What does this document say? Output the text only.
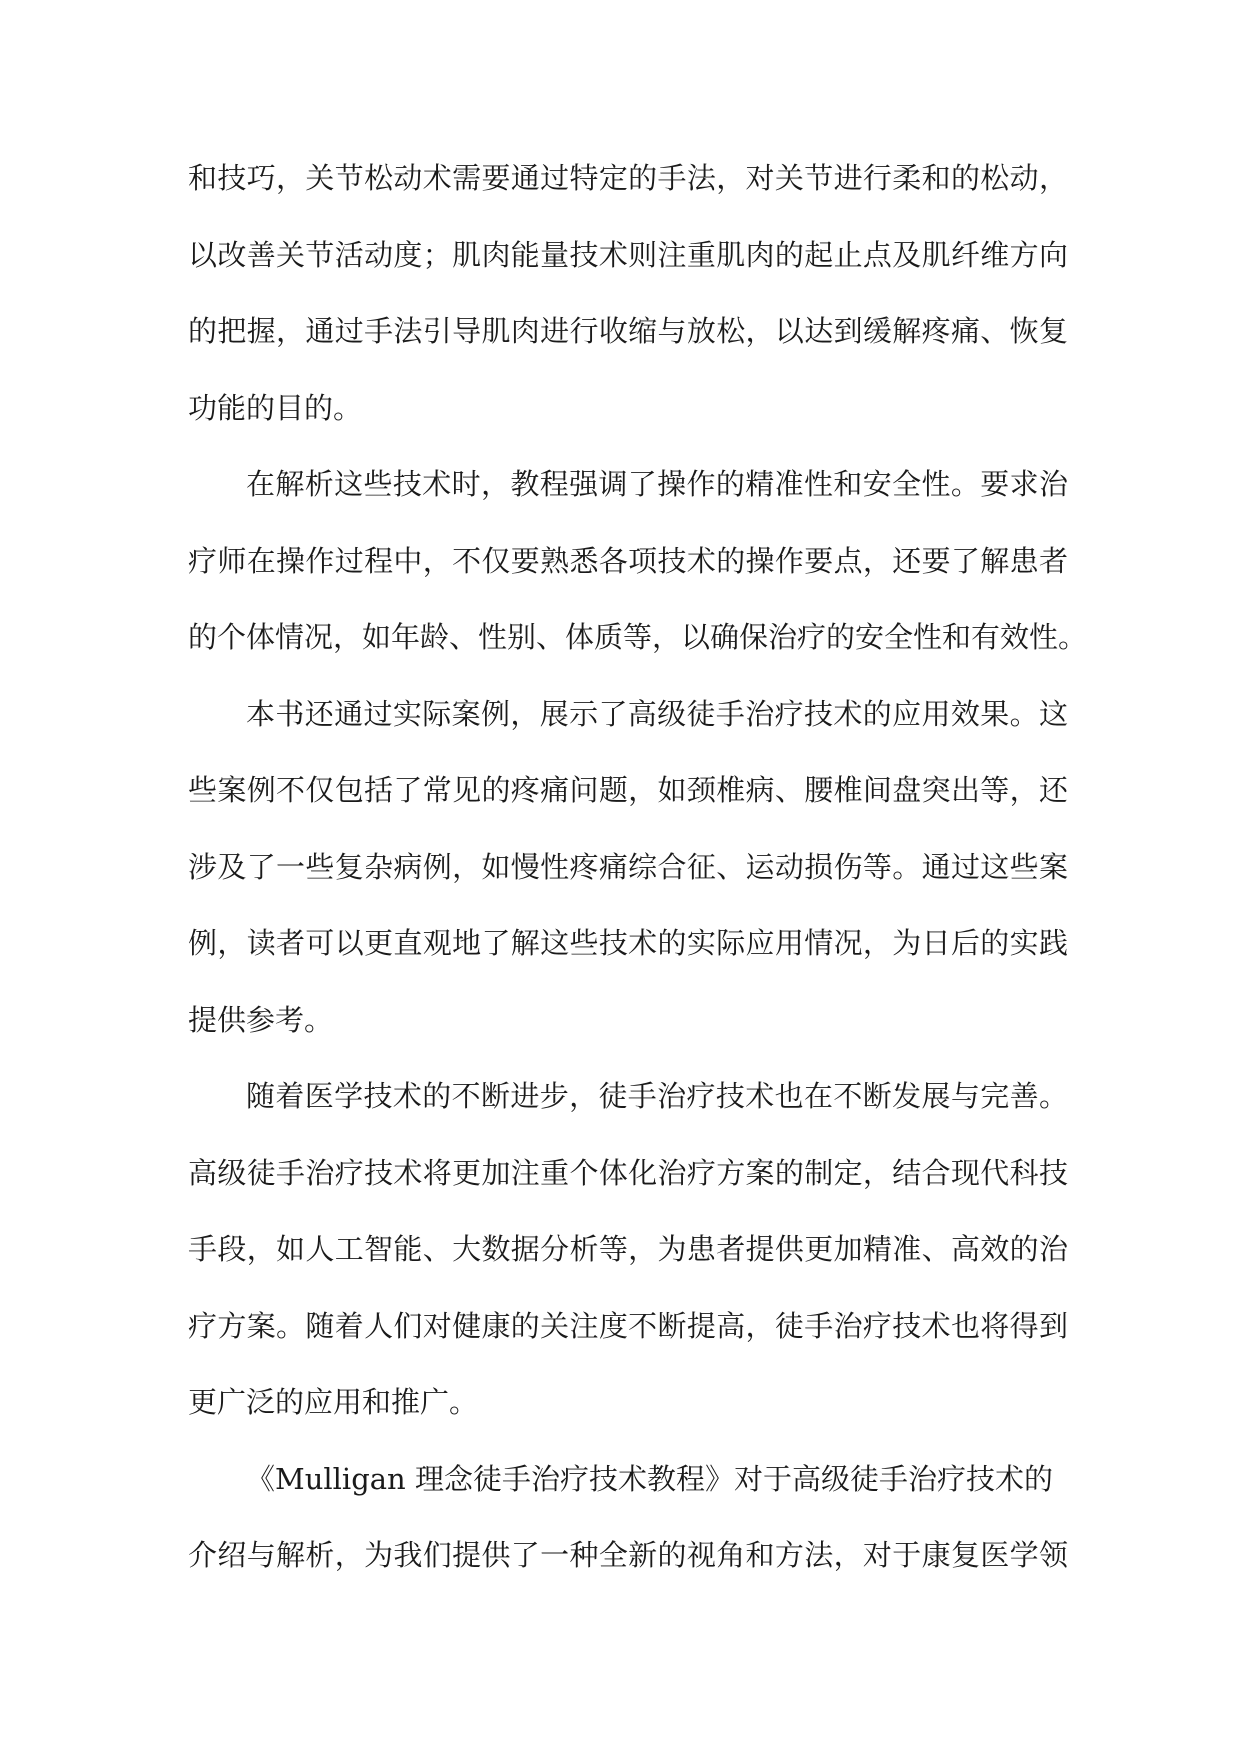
和技巧，关节松动术需要通过特定的手法，对关节进行柔和的松动，
以改善关节活动度；肌肉能量技术则注重肌肉的起止点及肌纤维方向
的把握，通过手法引导肌肉进行收缩与放松，以达到缓解疼痛、恢复
功能的目的。
在解析这些技术时，教程强调了操作的精准性和安全性。要求治
疗师在操作过程中，不仅要熟悉各项技术的操作要点，还要了解患者
的个体情况，如年龄、性别、体质等，以确保治疗的安全性和有效性。
本书还通过实际案例，展示了高级徒手治疗技术的应用效果。这
些案例不仅包括了常见的疼痛问题，如颈椎病、腰椎间盘突出等，还
涉及了一些复杂病例，如慢性疼痛综合征、运动损伤等。通过这些案
例，读者可以更直观地了解这些技术的实际应用情况，为日后的实践
提供参考。
随着医学技术的不断进步，徒手治疗技术也在不断发展与完善。
高级徒手治疗技术将更加注重个体化治疗方案的制定，结合现代科技
手段，如人工智能、大数据分析等，为患者提供更加精准、高效的治
疗方案。随着人们对健康的关注度不断提高，徒手治疗技术也将得到
更广泛的应用和推广。
《Mulligan 理念徒手治疗技术教程》对于高级徒手治疗技术的
介绍与解析，为我们提供了一种全新的视角和方法，对于康复医学领
